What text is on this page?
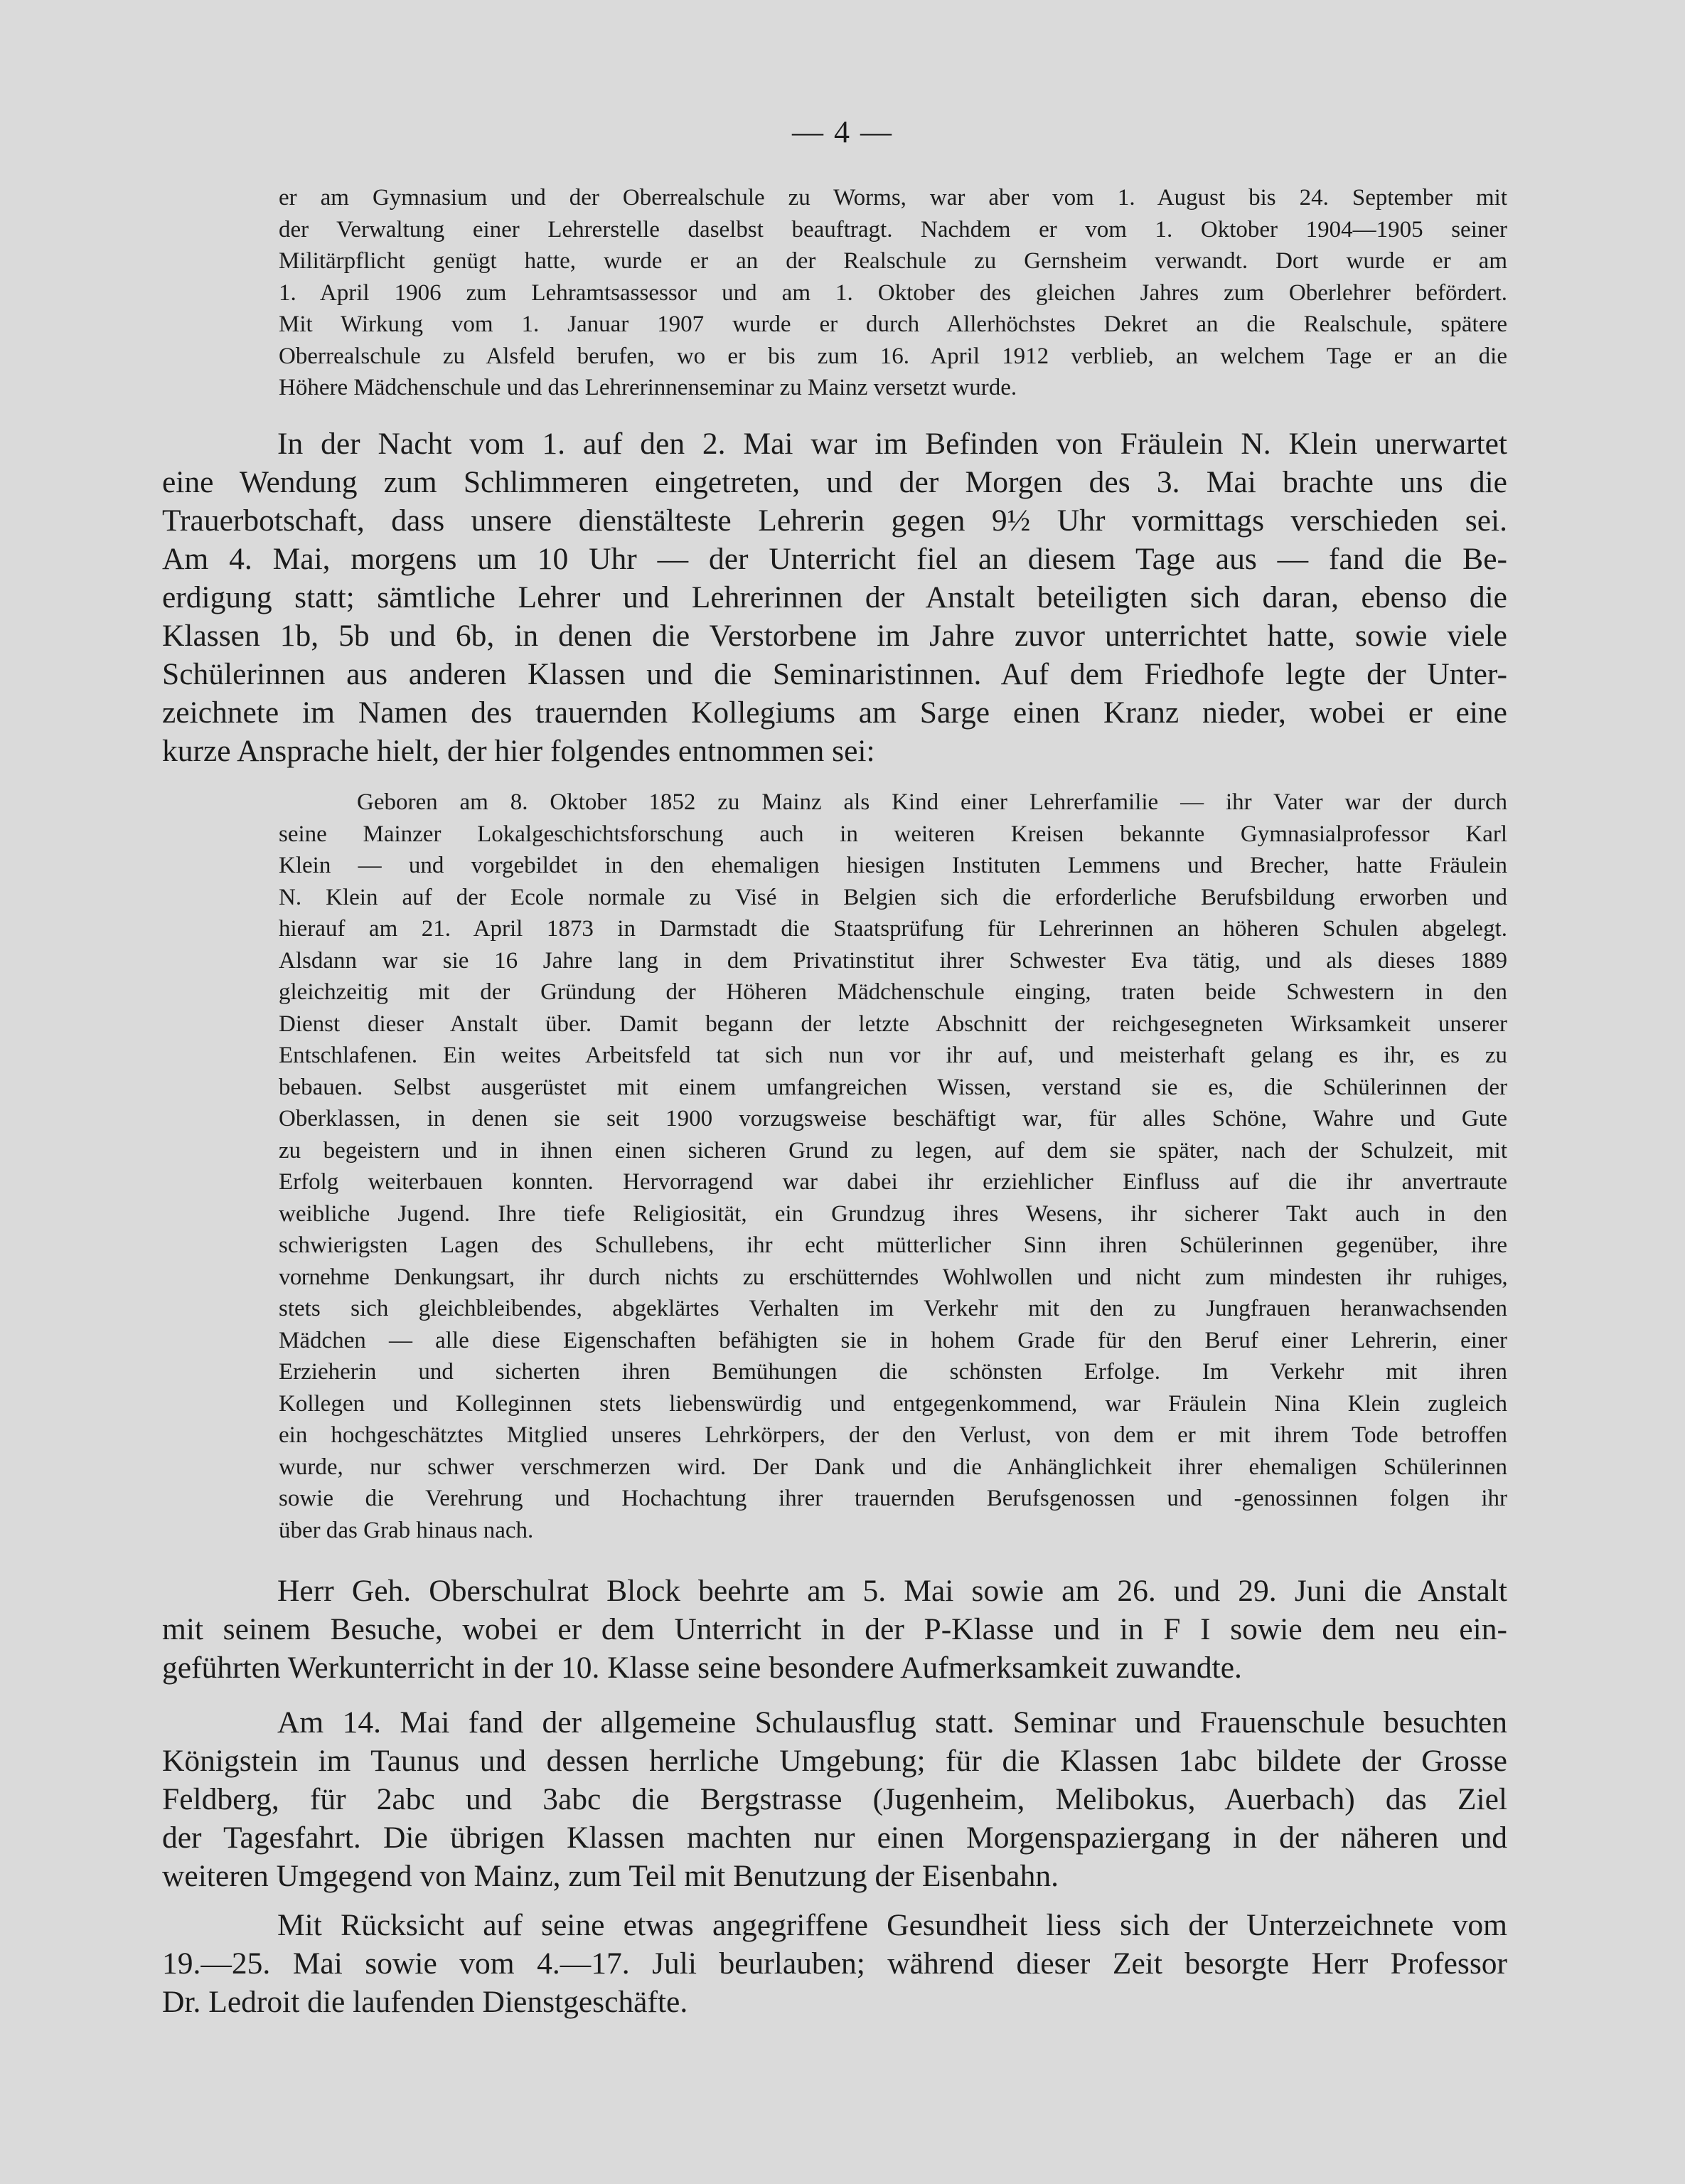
— 4 —

er am Gymnasium und der Oberrealschule zu Worms, war aber vom 1. August bis 24. September mit

der Verwaltung einer Lehrerstelle daselbst beauftragt. Nachdem er vom 1. Oktober 1904—1905 seiner

Militärpflicht genügt hatte, wurde er an der Realschule zu Gernsheim verwandt. Dort wurde er am

1. April 1906 zum Lehramtsassessor und am 1. Oktober des gleichen Jahres zum Oberlehrer befördert.

Mit Wirkung vom 1. Januar 1907 wurde er durch Allerhöchstes Dekret an die Realschule, spätere

Oberrealschule zu Alsfeld berufen, wo er bis zum 16. April 1912 verblieb, an welchem Tage er an die

Höhere Mädchenschule und das Lehrerinnenseminar zu Mainz versetzt wurde.

In der Nacht vom 1. auf den 2. Mai war im Befinden von Fräulein N. Klein unerwartet

eine Wendung zum Schlimmeren eingetreten, und der Morgen des 3. Mai brachte uns die

Trauerbotschaft, dass unsere dienstälteste Lehrerin gegen 9½ Uhr vormittags verschieden sei.

Am 4. Mai, morgens um 10 Uhr — der Unterricht fiel an diesem Tage aus — fand die Be-

erdigung statt; sämtliche Lehrer und Lehrerinnen der Anstalt beteiligten sich daran, ebenso die

Klassen 1b, 5b und 6b, in denen die Verstorbene im Jahre zuvor unterrichtet hatte, sowie viele

Schülerinnen aus anderen Klassen und die Seminaristinnen. Auf dem Friedhofe legte der Unter-

zeichnete im Namen des trauernden Kollegiums am Sarge einen Kranz nieder, wobei er eine

kurze Ansprache hielt, der hier folgendes entnommen sei:

Geboren am 8. Oktober 1852 zu Mainz als Kind einer Lehrerfamilie — ihr Vater war der durch

seine Mainzer Lokalgeschichtsforschung auch in weiteren Kreisen bekannte Gymnasialprofessor Karl

Klein — und vorgebildet in den ehemaligen hiesigen Instituten Lemmens und Brecher, hatte Fräulein

N. Klein auf der Ecole normale zu Visé in Belgien sich die erforderliche Berufsbildung erworben und

hierauf am 21. April 1873 in Darmstadt die Staatsprüfung für Lehrerinnen an höheren Schulen abgelegt.

Alsdann war sie 16 Jahre lang in dem Privatinstitut ihrer Schwester Eva tätig, und als dieses 1889

gleichzeitig mit der Gründung der Höheren Mädchenschule einging, traten beide Schwestern in den

Dienst dieser Anstalt über. Damit begann der letzte Abschnitt der reichgesegneten Wirksamkeit unserer

Entschlafenen. Ein weites Arbeitsfeld tat sich nun vor ihr auf, und meisterhaft gelang es ihr, es zu

bebauen. Selbst ausgerüstet mit einem umfangreichen Wissen, verstand sie es, die Schülerinnen der

Oberklassen, in denen sie seit 1900 vorzugsweise beschäftigt war, für alles Schöne, Wahre und Gute

zu begeistern und in ihnen einen sicheren Grund zu legen, auf dem sie später, nach der Schulzeit, mit

Erfolg weiterbauen konnten. Hervorragend war dabei ihr erziehlicher Einfluss auf die ihr anvertraute

weibliche Jugend. Ihre tiefe Religiosität, ein Grundzug ihres Wesens, ihr sicherer Takt auch in den

schwierigsten Lagen des Schullebens, ihr echt mütterlicher Sinn ihren Schülerinnen gegenüber, ihre

vornehme Denkungsart, ihr durch nichts zu erschütterndes Wohlwollen und nicht zum mindesten ihr ruhiges,

stets sich gleichbleibendes, abgeklärtes Verhalten im Verkehr mit den zu Jungfrauen heranwachsenden

Mädchen — alle diese Eigenschaften befähigten sie in hohem Grade für den Beruf einer Lehrerin, einer

Erzieherin und sicherten ihren Bemühungen die schönsten Erfolge. Im Verkehr mit ihren

Kollegen und Kolleginnen stets liebenswürdig und entgegenkommend, war Fräulein Nina Klein zugleich

ein hochgeschätztes Mitglied unseres Lehrkörpers, der den Verlust, von dem er mit ihrem Tode betroffen

wurde, nur schwer verschmerzen wird. Der Dank und die Anhänglichkeit ihrer ehemaligen Schülerinnen

sowie die Verehrung und Hochachtung ihrer trauernden Berufsgenossen und -genossinnen folgen ihr

über das Grab hinaus nach.

Herr Geh. Oberschulrat Block beehrte am 5. Mai sowie am 26. und 29. Juni die Anstalt

mit seinem Besuche, wobei er dem Unterricht in der P-Klasse und in F I sowie dem neu ein-

geführten Werkunterricht in der 10. Klasse seine besondere Aufmerksamkeit zuwandte.

Am 14. Mai fand der allgemeine Schulausflug statt. Seminar und Frauenschule besuchten

Königstein im Taunus und dessen herrliche Umgebung; für die Klassen 1abc bildete der Grosse

Feldberg, für 2abc und 3abc die Bergstrasse (Jugenheim, Melibokus, Auerbach) das Ziel

der Tagesfahrt. Die übrigen Klassen machten nur einen Morgenspaziergang in der näheren und

weiteren Umgegend von Mainz, zum Teil mit Benutzung der Eisenbahn.

Mit Rücksicht auf seine etwas angegriffene Gesundheit liess sich der Unterzeichnete vom

19.—25. Mai sowie vom 4.—17. Juli beurlauben; während dieser Zeit besorgte Herr Professor

Dr. Ledroit die laufenden Dienstgeschäfte.
